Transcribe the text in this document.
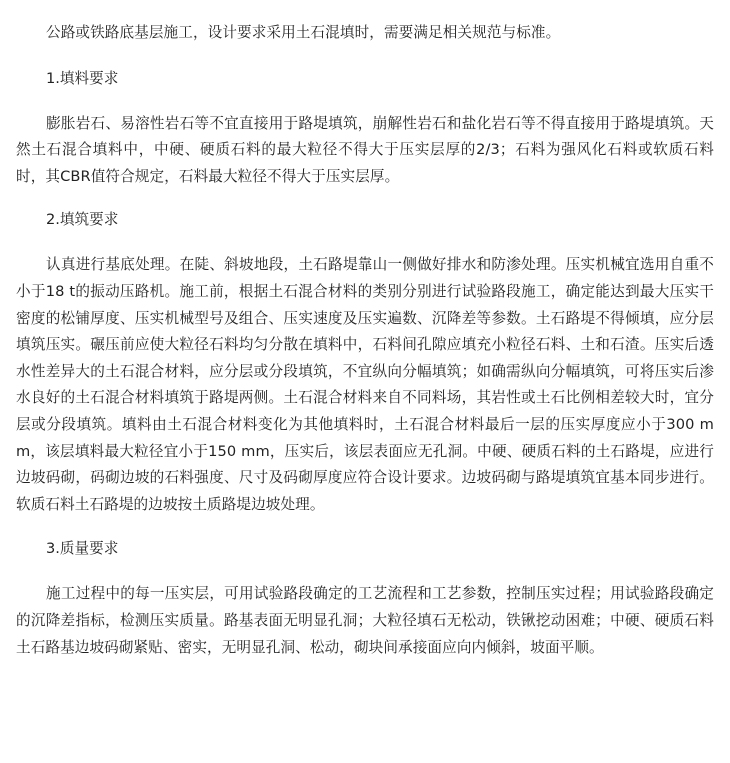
公路或铁路底基层施工，设计要求采用土石混填时，需要满足相关规范与标准。

1.填料要求

膨胀岩石、易溶性岩石等不宜直接用于路堤填筑，崩解性岩石和盐化岩石等不得直接用于路堤填筑。天然土石混合填料中，中硬、硬质石料的最大粒径不得大于压实层厚的2/3；石料为强风化石料或软质石料时，其CBR值符合规定，石料最大粒径不得大于压实层厚。

2.填筑要求

认真进行基底处理。在陡、斜坡地段，土石路堤靠山一侧做好排水和防渗处理。压实机械宜选用自重不小于18 t的振动压路机。施工前，根据土石混合材料的类别分别进行试验路段施工，确定能达到最大压实干密度的松铺厚度、压实机械型号及组合、压实速度及压实遍数、沉降差等参数。土石路堤不得倾填，应分层填筑压实。碾压前应使大粒径石料均匀分散在填料中，石料间孔隙应填充小粒径石料、土和石渣。压实后透水性差异大的土石混合材料，应分层或分段填筑，不宜纵向分幅填筑；如确需纵向分幅填筑，可将压实后渗水良好的土石混合材料填筑于路堤两侧。土石混合材料来自不同料场，其岩性或土石比例相差较大时，宜分层或分段填筑。填料由土石混合材料变化为其他填料时，土石混合材料最后一层的压实厚度应小于300 mm，该层填料最大粒径宜小于150 mm，压实后，该层表面应无孔洞。中硬、硬质石料的土石路堤，应进行边坡码砌，码砌边坡的石料强度、尺寸及码砌厚度应符合设计要求。边坡码砌与路堤填筑宜基本同步进行。软质石料土石路堤的边坡按土质路堤边坡处理。

3.质量要求

施工过程中的每一压实层，可用试验路段确定的工艺流程和工艺参数，控制压实过程；用试验路段确定的沉降差指标，检测压实质量。路基表面无明显孔洞；大粒径填石无松动，铁锹挖动困难；中硬、硬质石料土石路基边坡码砌紧贴、密实，无明显孔洞、松动，砌块间承接面应向内倾斜，坡面平顺。
